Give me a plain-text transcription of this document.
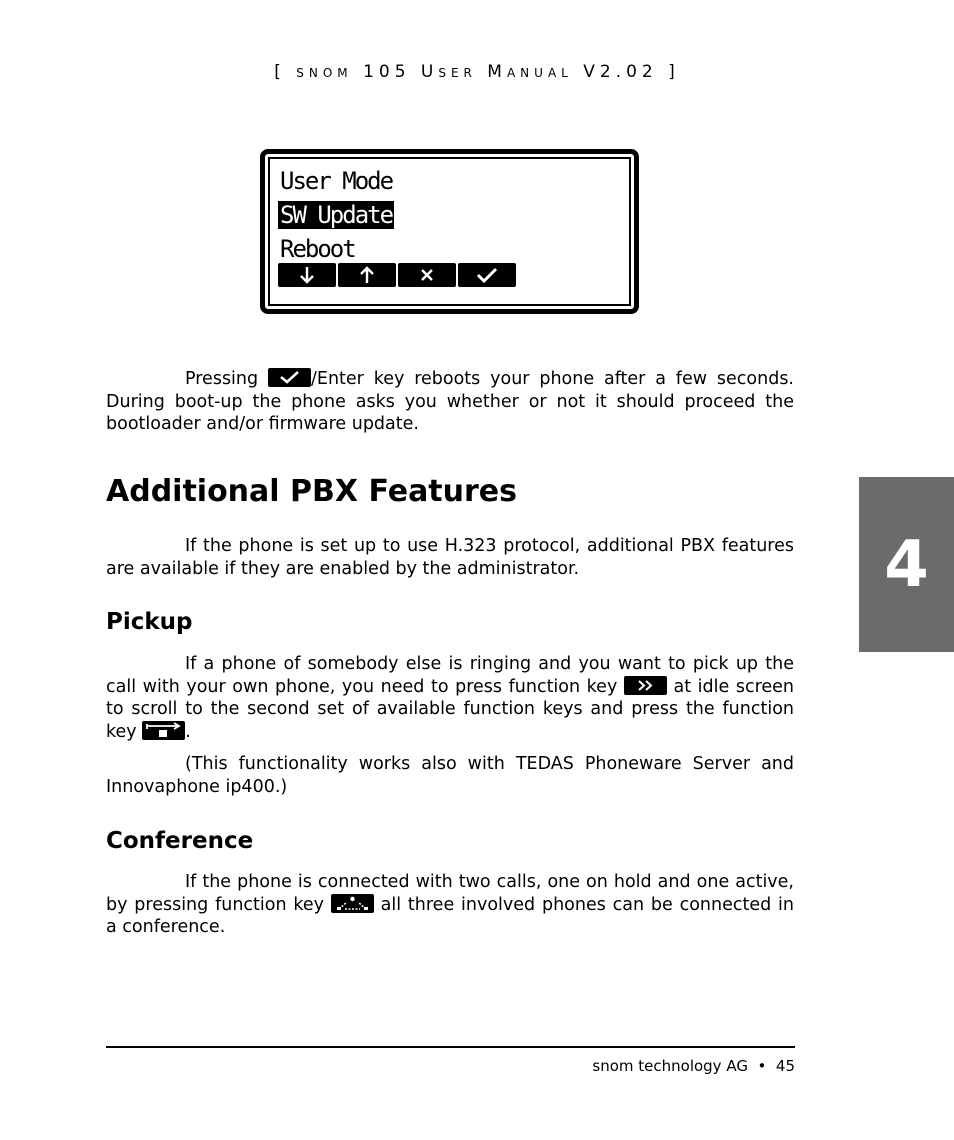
[ snom 105 User Manual V2.02 ]
User Mode
SW Update
Reboot
Pressing
/Enter key reboots your phone after a few seconds. During boot-up the phone asks you whether or not it should proceed the bootloader and/or firmware update.
Additional PBX Features
If the phone is set up to use H.323 protocol, additional PBX features are available if they are enabled by the administrator.
Pickup
If a phone of somebody else is ringing and you want to pick up the call with your own phone, you need to press function key
at idle screen to scroll to the second set of available function keys and press the function key
.
(This functionality works also with TEDAS Phoneware Server and Innovaphone ip400.)
Conference
If the phone is connected with two calls, one on hold and one active, by pressing function key
all three involved phones can be connected in a conference.
4
snom technology AG • 45
